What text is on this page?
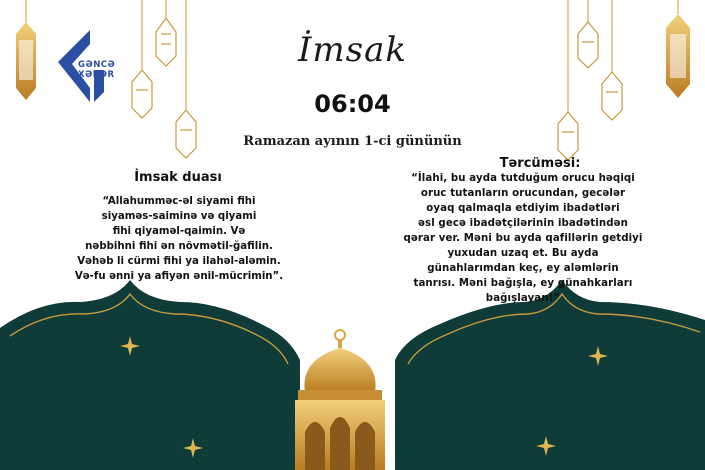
GƏNCƏ
XƏBƏR
İmsak
06:04
Ramazan ayının 1-ci gününün
İmsak duası
“Allahumməc-əl siyami fihi
siyaməs-saiminə və qiyami
fihi qiyaməl-qaimin. Və
nəbbihni fihi ən növmətil-ğafilin.
Vəhəb li cürmi fihi ya ilahəl-aləmin.
Və-fu ənni ya afiyən ənil-mücrimin”.
Tərcüməsi:
“İlahi, bu ayda tutduğum orucu həqiqi
oruc tutanların orucundan, gecələr
oyaq qalmaqla etdiyim ibadətləri
əsl gecə ibadətçilərinin ibadətindən
qərar ver. Məni bu ayda qafillərin getdiyi
yuxudan uzaq et. Bu ayda
günahlarımdan keç, ey aləmlərin
tanrısı. Məni bağışla, ey günahkarları
bağışlayan!”
